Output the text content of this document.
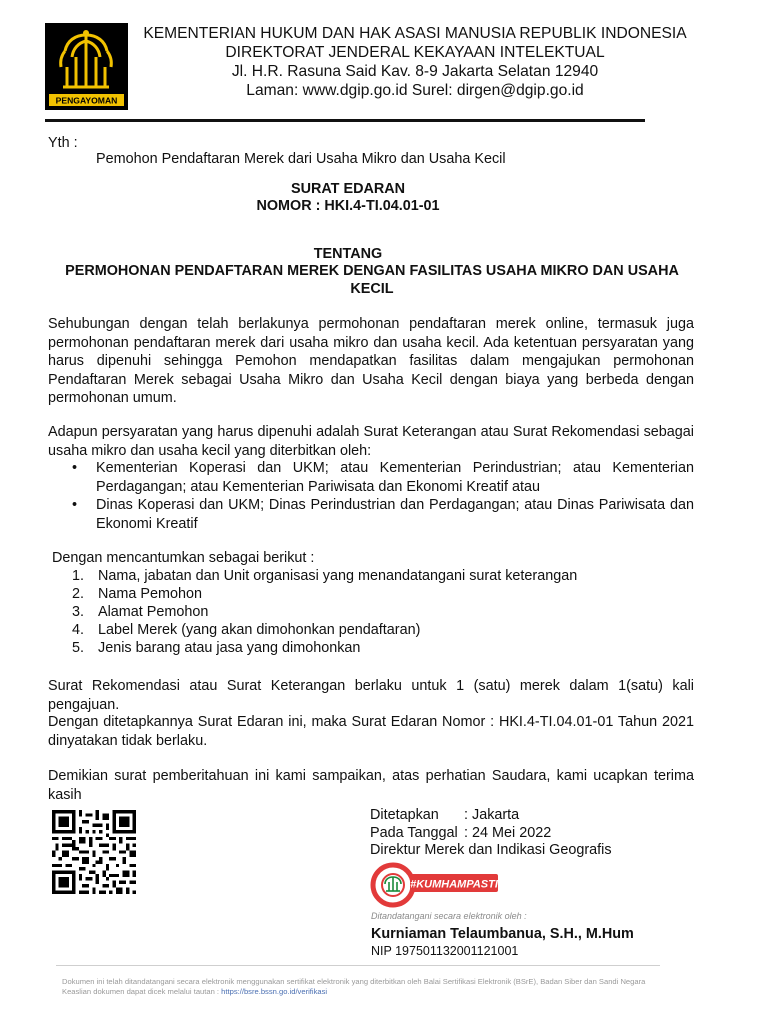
PENGAYOMAN
KEMENTERIAN HUKUM DAN HAK ASASI MANUSIA REPUBLIK INDONESIA
DIREKTORAT JENDERAL KEKAYAAN INTELEKTUAL
Jl. H.R. Rasuna Said Kav. 8-9 Jakarta Selatan 12940
Laman: www.dgip.go.id Surel: dirgen@dgip.go.id
Yth :
Pemohon Pendaftaran Merek dari Usaha Mikro dan Usaha Kecil
SURAT EDARAN
NOMOR : HKI.4-TI.04.01-01
TENTANG
PERMOHONAN PENDAFTARAN MEREK DENGAN FASILITAS USAHA MIKRO DAN USAHA KECIL
Sehubungan dengan telah berlakunya permohonan pendaftaran merek online, termasuk juga permohonan pendaftaran merek dari usaha mikro dan usaha kecil. Ada ketentuan persyaratan yang harus dipenuhi sehingga Pemohon mendapatkan fasilitas dalam mengajukan permohonan Pendaftaran Merek sebagai Usaha Mikro dan Usaha Kecil dengan biaya yang berbeda dengan permohonan umum.
Adapun persyaratan yang harus dipenuhi adalah Surat Keterangan atau Surat Rekomendasi sebagai usaha mikro dan usaha kecil yang diterbitkan oleh:
• Kementerian Koperasi dan UKM; atau Kementerian Perindustrian; atau Kementerian Perdagangan; atau Kementerian Pariwisata dan Ekonomi Kreatif atau
• Dinas Koperasi dan UKM; Dinas Perindustrian dan Perdagangan; atau Dinas Pariwisata dan Ekonomi Kreatif
Dengan mencantumkan sebagai berikut :
1. Nama, jabatan dan Unit organisasi yang menandatangani surat keterangan
2. Nama Pemohon
3. Alamat Pemohon
4. Label Merek (yang akan dimohonkan pendaftaran)
5. Jenis barang atau jasa yang dimohonkan
Surat Rekomendasi atau Surat Keterangan berlaku untuk 1 (satu) merek dalam 1(satu) kali pengajuan.
Dengan ditetapkannya Surat Edaran ini, maka Surat Edaran Nomor : HKI.4-TI.04.01-01 Tahun 2021 dinyatakan tidak berlaku.
Demikian surat pemberitahuan ini kami sampaikan, atas perhatian Saudara, kami ucapkan terima kasih
Ditetapkan : Jakarta
Pada Tanggal : 24 Mei 2022
Direktur Merek dan Indikasi Geografis
#KUMHAMPASTI
Ditandatangani secara elektronik oleh :
Kurniaman Telaumbanua, S.H., M.Hum
NIP 197501132001121001
Dokumen ini telah ditandatangani secara elektronik menggunakan sertifikat elektronik yang diterbitkan oleh Balai Sertifikasi Elektronik (BSrE), Badan Siber dan Sandi Negara
Keaslian dokumen dapat dicek melalui tautan : https://bsre.bssn.go.id/verifikasi
